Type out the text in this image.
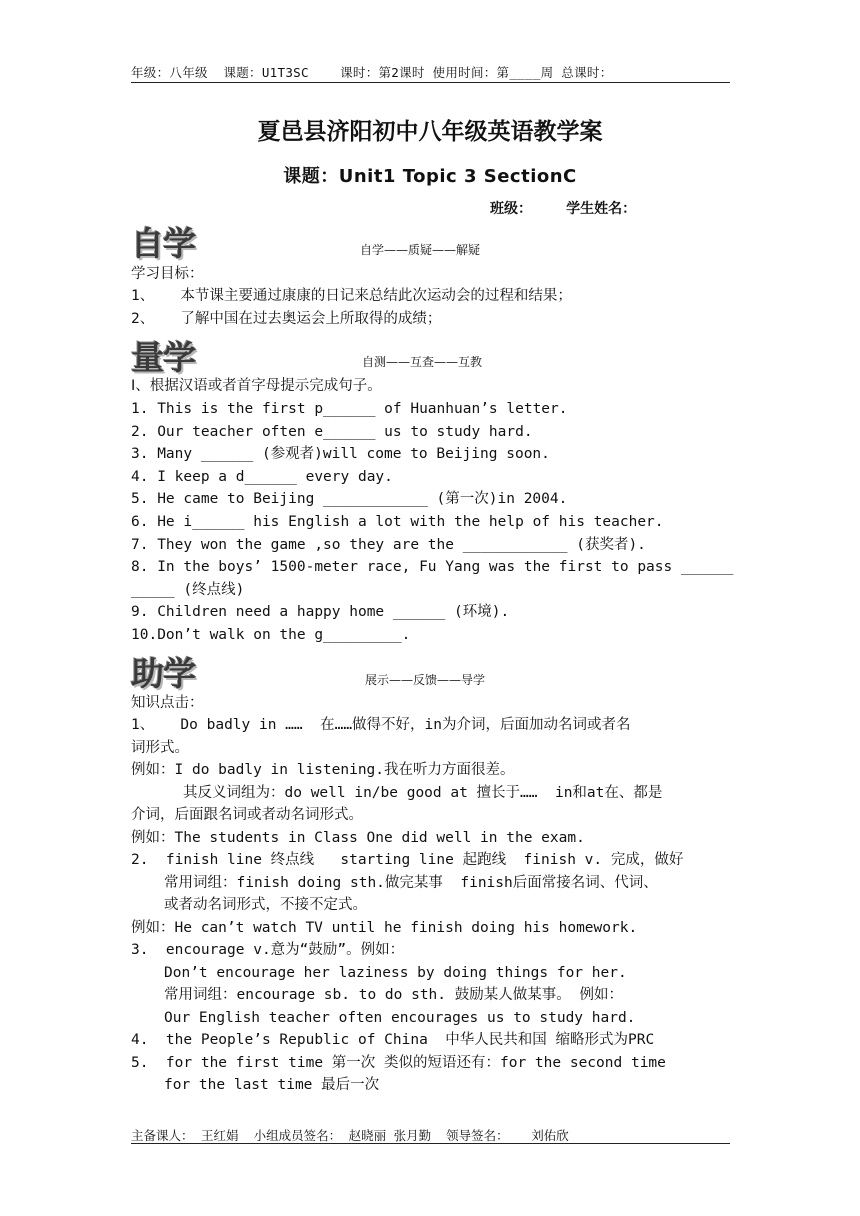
年级：八年级  课题：U1T3SC    课时：第2课时 使用时间：第____周 总课时：
夏邑县济阳初中八年级英语教学案
课题：Unit1 Topic 3 SectionC
班级：       学生姓名：
自学	自学——质疑——解疑
学习目标：
1、   本节课主要通过康康的日记来总结此次运动会的过程和结果；
2、   了解中国在过去奥运会上所取得的成绩；
量学	自测——互查——互教
Ⅰ、根据汉语或者首字母提示完成句子。
1. This is the first p______ of Huanhuan’s letter.
2. Our teacher often e______ us to study hard.
3. Many ______ (参观者)will come to Beijing soon.
4. I keep a d______ every day.
5. He came to Beijing ____________ (第一次)in 2004.
6. He i______ his English a lot with the help of his teacher.
7. They won the game ,so they are the ____________ (获奖者).
8. In the boys’ 1500-meter race, Fu Yang was the first to pass ______
_____ (终点线)
9. Children need a happy home ______ (环境).
10.Don’t walk on the g_________.
助学	展示——反馈——导学
知识点击：
1、   Do badly in ……  在……做得不好，in为介词，后面加动名词或者名
词形式。
例如：I do badly in listening.我在听力方面很差。
其反义词组为：do well in/be good at 擅长于……  in和at在、都是
介词，后面跟名词或者动名词形式。
例如：The students in Class One did well in the exam.
2.  finish line 终点线   starting line 起跑线  finish v. 完成，做好
常用词组：finish doing sth.做完某事  finish后面常接名词、代词、
或者动名词形式，不接不定式。
例如：He can’t watch TV until he finish doing his homework.
3.  encourage v.意为“鼓励”。例如：
Don’t encourage her laziness by doing things for her.
常用词组：encourage sb. to do sth. 鼓励某人做某事。 例如：
Our English teacher often encourages us to study hard.
4.  the People’s Republic of China  中华人民共和国 缩略形式为PRC
5.  for the first time 第一次 类似的短语还有：for the second time
for the last time 最后一次
主备课人： 王红娟  小组成员签名： 赵晓丽 张月勤  领导签名：   刘佑欣
